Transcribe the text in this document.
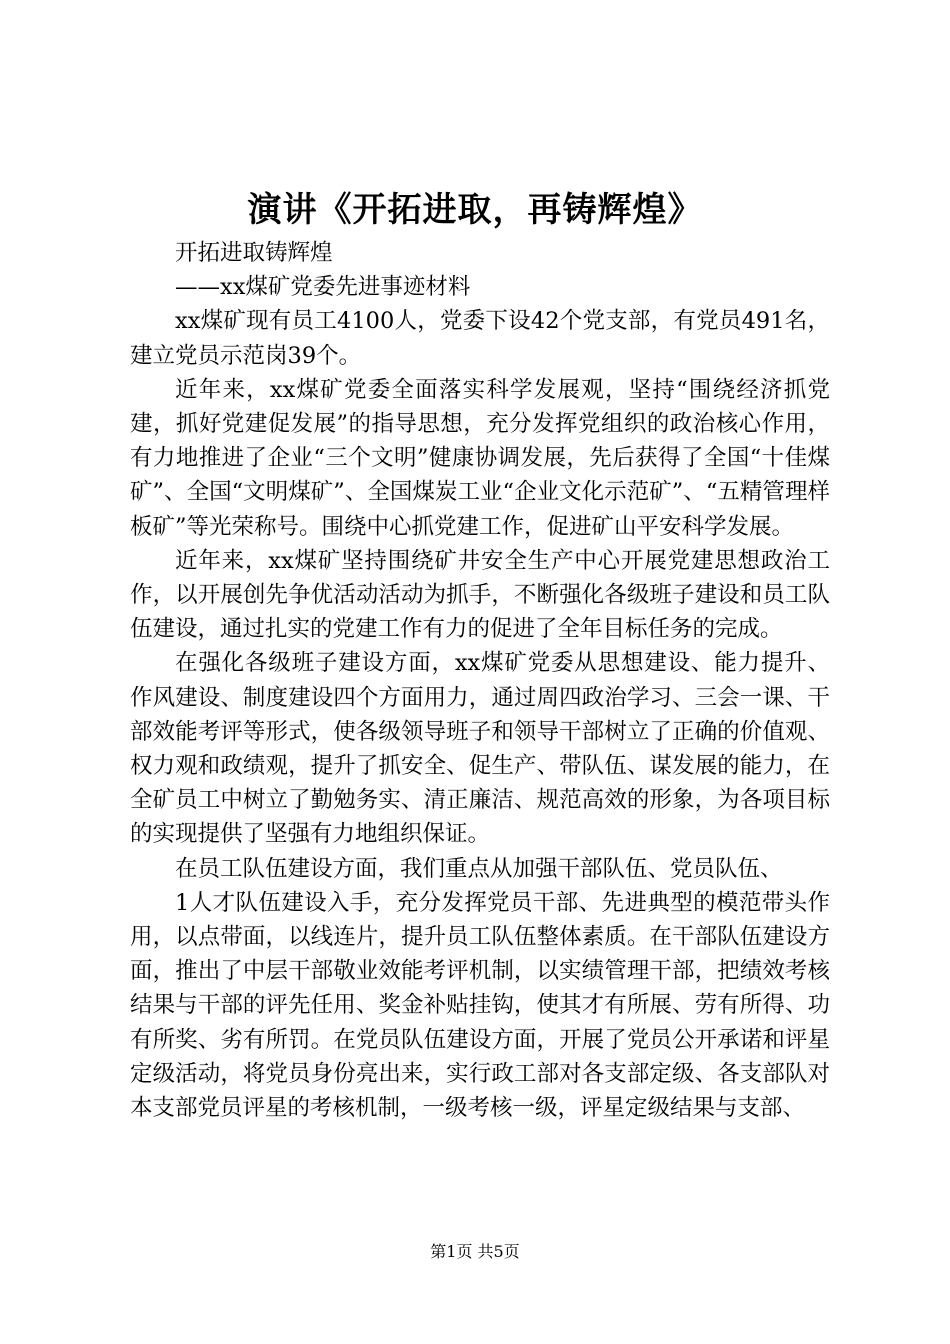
演讲《开拓进取，再铸辉煌》

开拓进取铸辉煌

——xx煤矿党委先进事迹材料

xx煤矿现有员工4100人，党委下设42个党支部，有党员491名，建立党员示范岗39个。

近年来，xx煤矿党委全面落实科学发展观，坚持“围绕经济抓党建，抓好党建促发展”的指导思想，充分发挥党组织的政治核心作用，有力地推进了企业“三个文明”健康协调发展，先后获得了全国“十佳煤矿”、全国“文明煤矿”、全国煤炭工业“企业文化示范矿”、“五精管理样板矿”等光荣称号。围绕中心抓党建工作，促进矿山平安科学发展。

近年来，xx煤矿坚持围绕矿井安全生产中心开展党建思想政治工作，以开展创先争优活动活动为抓手，不断强化各级班子建设和员工队伍建设，通过扎实的党建工作有力的促进了全年目标任务的完成。

在强化各级班子建设方面，xx煤矿党委从思想建设、能力提升、作风建设、制度建设四个方面用力，通过周四政治学习、三会一课、干部效能考评等形式，使各级领导班子和领导干部树立了正确的价值观、权力观和政绩观，提升了抓安全、促生产、带队伍、谋发展的能力，在全矿员工中树立了勤勉务实、清正廉洁、规范高效的形象，为各项目标的实现提供了坚强有力地组织保证。

在员工队伍建设方面，我们重点从加强干部队伍、党员队伍、

1人才队伍建设入手，充分发挥党员干部、先进典型的模范带头作用，以点带面，以线连片，提升员工队伍整体素质。在干部队伍建设方面，推出了中层干部敬业效能考评机制，以实绩管理干部，把绩效考核结果与干部的评先任用、奖金补贴挂钩，使其才有所展、劳有所得、功有所奖、劣有所罚。在党员队伍建设方面，开展了党员公开承诺和评星定级活动，将党员身份亮出来，实行政工部对各支部定级、各支部队对本支部党员评星的考核机制，一级考核一级，评星定级结果与支部、

第1页 共5页
